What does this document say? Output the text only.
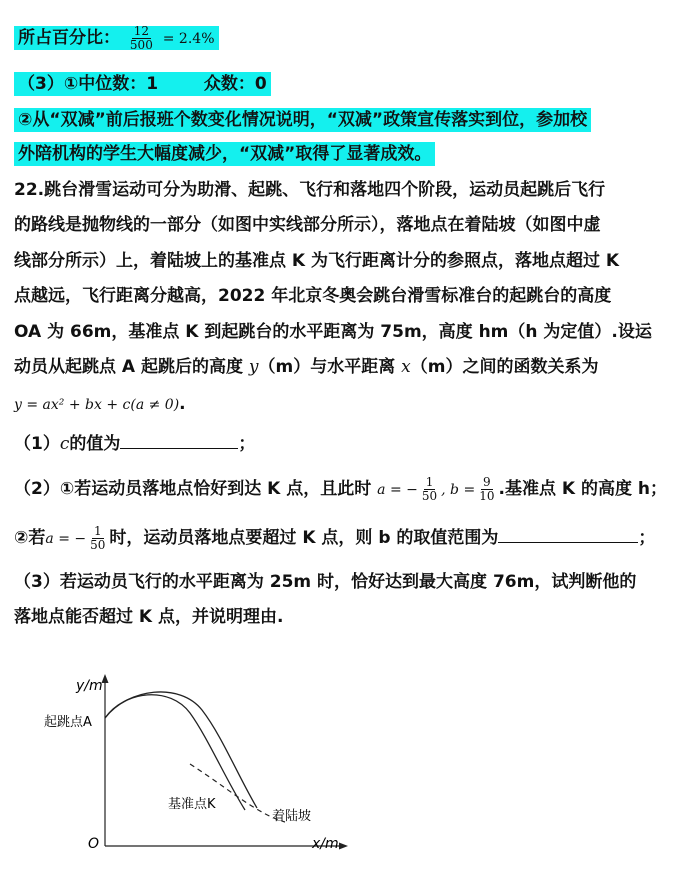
所占百分比： $\frac{12}{500} = 2.4\%$
（3）①中位数：1	众数：0
②从“双减”前后报班个数变化情况说明，“双减”政策宣传落实到位，参加校
外陪机构的学生大幅度减少，“双减”取得了显著成效。
22.跳台滑雪运动可分为助滑、起跳、飞行和落地四个阶段，运动员起跳后飞行
的路线是抛物线的一部分（如图中实线部分所示），落地点在着陆坡（如图中虚
线部分所示）上，着陆坡上的基准点 K 为飞行距离计分的参照点，落地点超过 K
点越远，飞行距离分越高，2022 年北京冬奥会跳台滑雪标准台的起跳台的高度
OA 为 66m，基准点 K 到起跳台的水平距离为 75m，高度 hm（h 为定值）.设运
动员从起跳点 A 起跳后的高度 y（m）与水平距离 x（m）之间的函数关系为
y = ax² + bx + c(a ≠ 0).
（1）c的值为	；
（2）①若运动员落地点恰好到达 K 点，且此时 a = − $\frac{1}{50}$ , $b = \frac{9}{10}$ .基准点 K 的高度 h；
②若a = − $\frac{1}{50}$ 时，运动员落地点要超过 K 点，则 b 的取值范围为	；
（3）若运动员飞行的水平距离为 25m 时，恰好达到最大高度 76m，试判断他的
落地点能否超过 K 点，并说明理由.
y/m
起跳点A
基准点K
着陆坡
O	x/m
